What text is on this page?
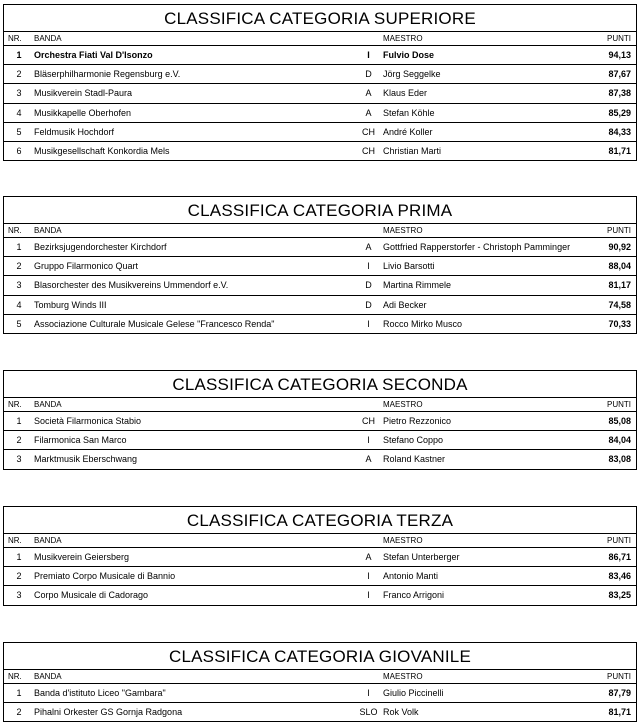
CLASSIFICA CATEGORIA SUPERIORE
NR.	BANDA		MAESTRO	PUNTI
1	Orchestra Fiati Val D'Isonzo	I	Fulvio Dose	94,13
2	Bläserphilharmonie Regensburg e.V.	D	Jörg Seggelke	87,67
3	Musikverein Stadl-Paura	A	Klaus Eder	87,38
4	Musikkapelle Oberhofen	A	Stefan Köhle	85,29
5	Feldmusik Hochdorf	CH	André Koller	84,33
6	Musikgesellschaft Konkordia Mels	CH	Christian Marti	81,71
CLASSIFICA CATEGORIA PRIMA
NR.	BANDA		MAESTRO	PUNTI
1	Bezirksjugendorchester Kirchdorf	A	Gottfried Rapperstorfer - Christoph Pamminger	90,92
2	Gruppo Filarmonico Quart	I	Livio Barsotti	88,04
3	Blasorchester des Musikvereins Ummendorf e.V.	D	Martina Rimmele	81,17
4	Tomburg Winds III	D	Adi Becker	74,58
5	Associazione Culturale Musicale Gelese "Francesco Renda"	I	Rocco Mirko Musco	70,33
CLASSIFICA CATEGORIA SECONDA
NR.	BANDA		MAESTRO	PUNTI
1	Società Filarmonica Stabio	CH	Pietro Rezzonico	85,08
2	Filarmonica San Marco	I	Stefano Coppo	84,04
3	Marktmusik Eberschwang	A	Roland Kastner	83,08
CLASSIFICA CATEGORIA TERZA
NR.	BANDA		MAESTRO	PUNTI
1	Musikverein Geiersberg	A	Stefan Unterberger	86,71
2	Premiato Corpo Musicale di Bannio	I	Antonio Manti	83,46
3	Corpo Musicale di Cadorago	I	Franco Arrigoni	83,25
CLASSIFICA CATEGORIA GIOVANILE
NR.	BANDA		MAESTRO	PUNTI
1	Banda d'istituto Liceo "Gambara"	I	Giulio Piccinelli	87,79
2	Pihalni Orkester GS Gornja Radgona	SLO	Rok Volk	81,71
